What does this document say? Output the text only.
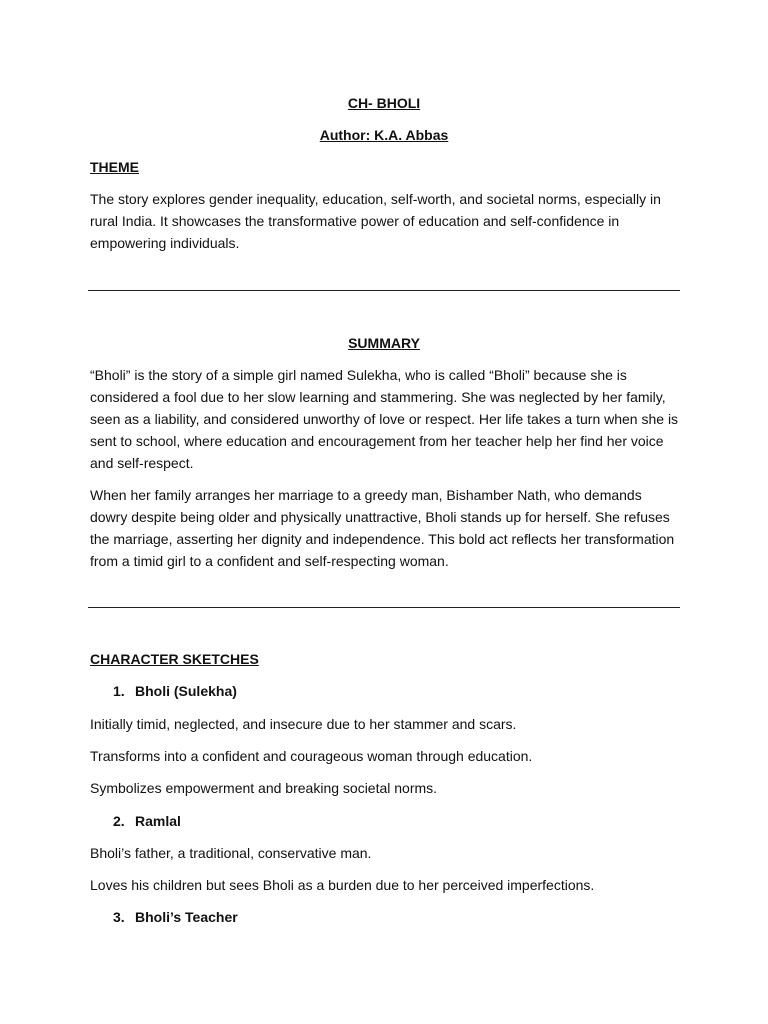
CH- BHOLI
Author: K.A. Abbas
THEME

The story explores gender inequality, education, self-worth, and societal norms, especially in rural India. It showcases the transformative power of education and self-confidence in empowering individuals.

SUMMARY

“Bholi” is the story of a simple girl named Sulekha, who is called “Bholi” because she is considered a fool due to her slow learning and stammering. She was neglected by her family, seen as a liability, and considered unworthy of love or respect. Her life takes a turn when she is sent to school, where education and encouragement from her teacher help her find her voice and self-respect.

When her family arranges her marriage to a greedy man, Bishamber Nath, who demands dowry despite being older and physically unattractive, Bholi stands up for herself. She refuses the marriage, asserting her dignity and independence. This bold act reflects her transformation from a timid girl to a confident and self-respecting woman.

CHARACTER SKETCHES
1. Bholi (Sulekha)
Initially timid, neglected, and insecure due to her stammer and scars.
Transforms into a confident and courageous woman through education.
Symbolizes empowerment and breaking societal norms.
2. Ramlal
Bholi’s father, a traditional, conservative man.
Loves his children but sees Bholi as a burden due to her perceived imperfections.
3. Bholi’s Teacher
